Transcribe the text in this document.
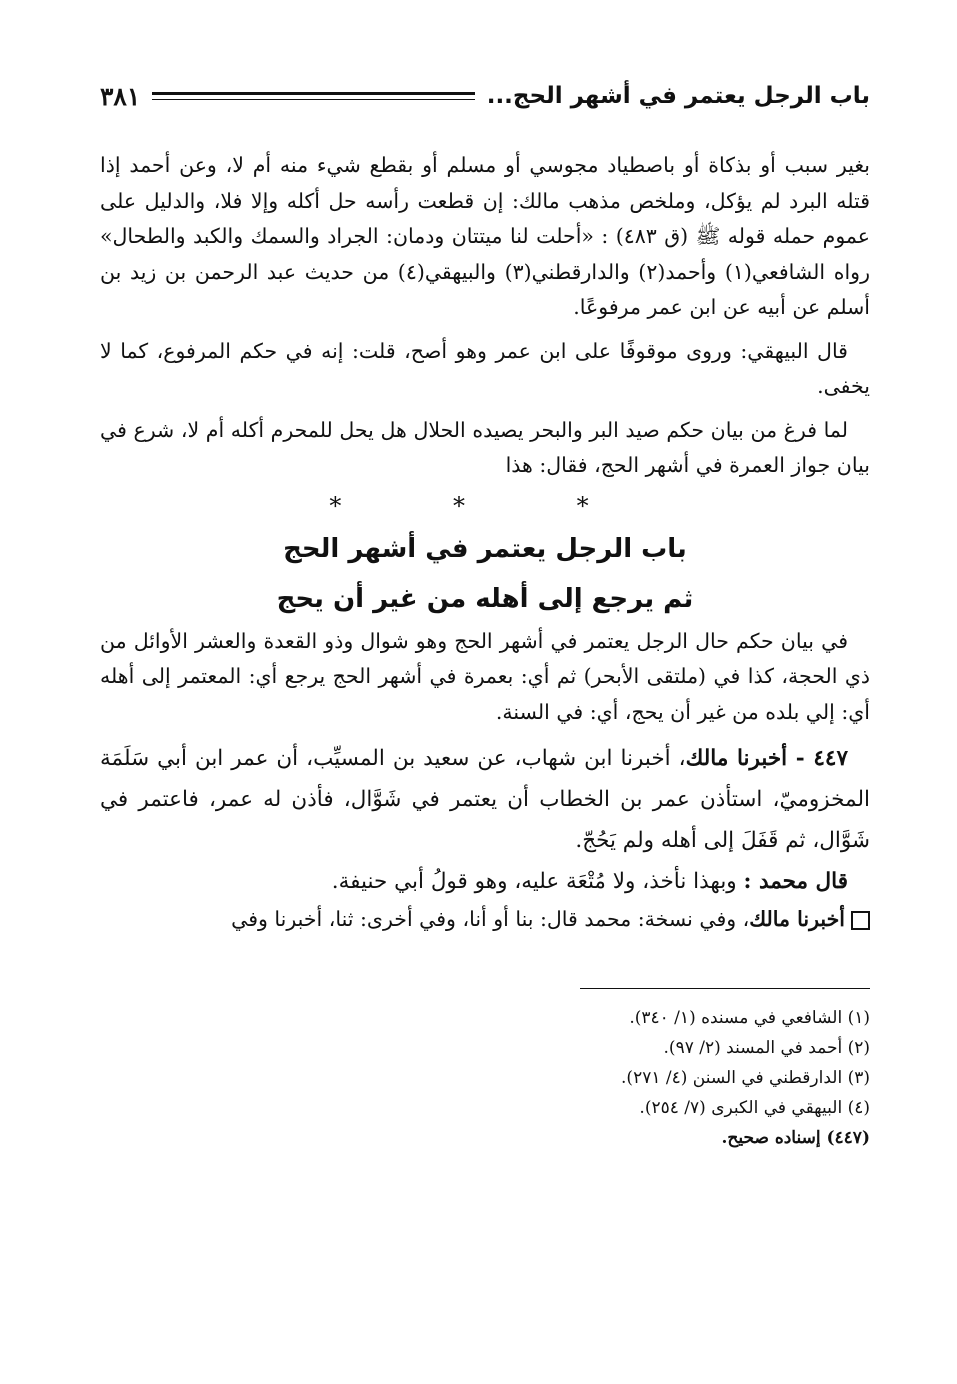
باب الرجل يعتمر في أشهر الحج...
٣٨١

بغير سبب أو بذكاة أو باصطياد مجوسي أو مسلم أو بقطع شيء منه أم لا، وعن أحمد إذا قتله البرد لم يؤكل، وملخص مذهب مالك: إن قطعت رأسه حل أكله وإلا فلا، والدليل على عموم حمله قوله ﷺ (ق ٤٨٣) : «أحلت لنا ميتتان ودمان: الجراد والسمك والكبد والطحال» رواه الشافعي(١) وأحمد(٢) والدارقطني(٣) والبيهقي(٤) من حديث عبد الرحمن بن زيد بن أسلم عن أبيه عن ابن عمر مرفوعًا.

قال البيهقي: وروى موقوفًا على ابن عمر وهو أصح، قلت: إنه في حكم المرفوع، كما لا يخفى.

لما فرغ من بيان حكم صيد البر والبحر يصيده الحلال هل يحل للمحرم أكله أم لا، شرع في بيان جواز العمرة في أشهر الحج، فقال: هذا

* * *
باب الرجل يعتمر في أشهر الحج
ثم يرجع إلى أهله من غير أن يحج

في بيان حكم حال الرجل يعتمر في أشهر الحج وهو شوال وذو القعدة والعشر الأوائل من ذي الحجة، كذا في (ملتقى الأبحر) ثم أي: بعمرة في أشهر الحج يرجع أي: المعتمر إلى أهله أي: إلي بلده من غير أن يحج، أي: في السنة.

٤٤٧ - أخبرنا مالك، أخبرنا ابن شهاب، عن سعيد بن المسيِّب، أن عمر ابن أبي سَلَمَة المخزوميّ، استأذن عمر بن الخطاب أن يعتمر في شَوَّال، فأذن له عمر، فاعتمر في شَوَّال، ثم قَفَلَ إلى أهله ولم يَحُجّ.

قال محمد : وبهذا نأخذ، ولا مُتْعَة عليه، وهو قولُ أبي حنيفة.

أخبرنا مالك، وفي نسخة: محمد قال: بنا أو أنا، وفي أخرى: ثنا، أخبرنا وفي

(١) الشافعي في مسنده (١/ ٣٤٠).

(٢) أحمد في المسند (٢/ ٩٧).

(٣) الدارقطني في السنن (٤/ ٢٧١).

(٤) البيهقي في الكبرى (٧/ ٢٥٤).

(٤٤٧) إسناده صحيح.
